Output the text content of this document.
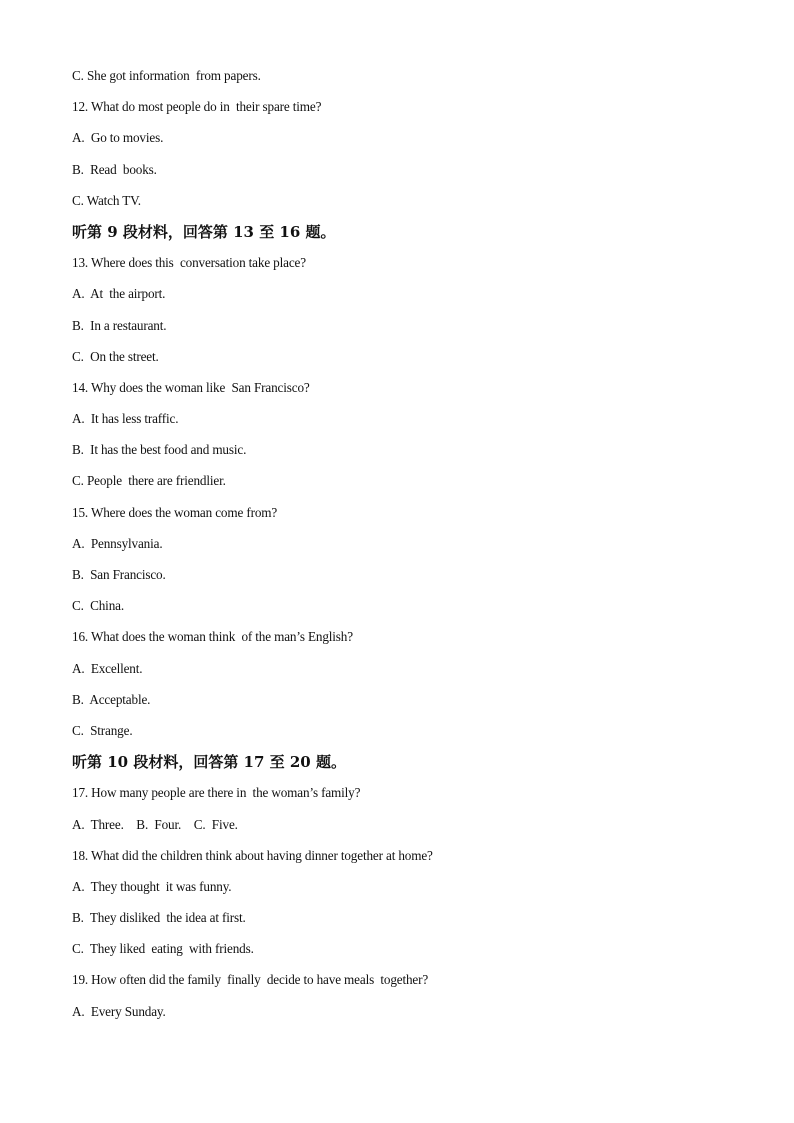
C. She got information  from papers.
12. What do most people do in  their spare time?
A.  Go to movies.
B.  Read  books.
C. Watch TV.
听第 9 段材料，回答第 13 至 16 题。
13. Where does this  conversation take place?
A.  At  the airport.
B.  In a restaurant.
C.  On the street.
14. Why does the woman like  San Francisco?
A.  It has less traffic.
B.  It has the best food and music.
C. People  there are friendlier.
15. Where does the woman come from?
A.  Pennsylvania.
B.  San Francisco.
C.  China.
16. What does the woman think  of the man’s English?
A.  Excellent.
B.  Acceptable.
C.  Strange.
听第 10 段材料，回答第 17 至 20 题。
17. How many people are there in  the woman’s family?
A.  Three.    B.  Four.    C.  Five.
18. What did the children think about having dinner together at home?
A.  They thought  it was funny.
B.  They disliked  the idea at first.
C.  They liked  eating  with friends.
19. How often did the family  finally  decide to have meals  together?
A.  Every Sunday.
